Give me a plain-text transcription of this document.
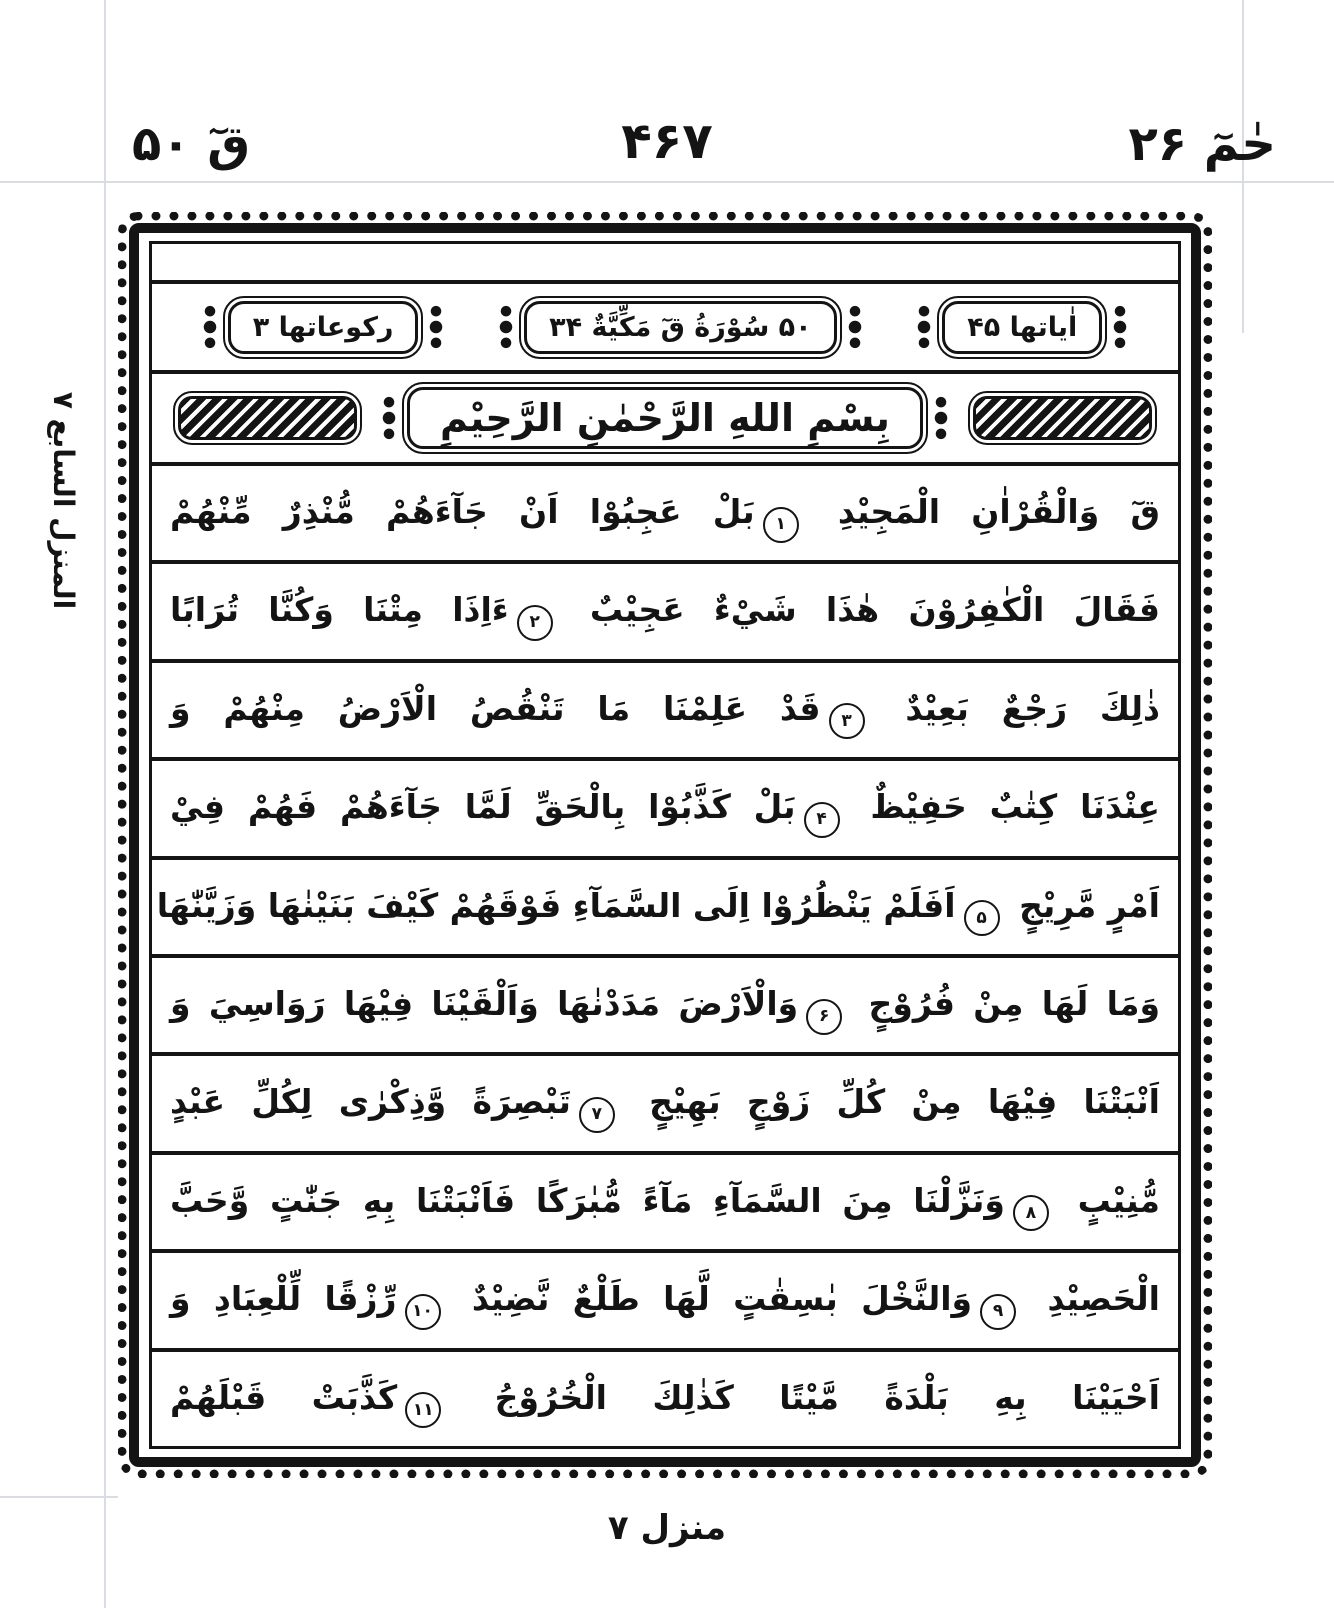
حٰمٓ ۲۶
۴۶۷
قٓ ۵۰
المنزل السابع ۷
اٰياتها ۴۵
۵۰ سُوْرَةُ قٓ مَكِّيَّةٌ ۳۴
رکوعاتها ۳
بِسْمِ اللهِ الرَّحْمٰنِ الرَّحِيْمِ
قٓ وَالْقُرْاٰنِ الْمَجِيْدِ ۱بَلْ عَجِبُوْا اَنْ جَآءَهُمْ مُّنْذِرٌ مِّنْهُمْ
فَقَالَ الْكٰفِرُوْنَ هٰذَا شَيْءٌ عَجِيْبٌ ۲ءَاِذَا مِتْنَا وَكُنَّا تُرَابًا
ذٰلِكَ رَجْعٌ بَعِيْدٌ ۳قَدْ عَلِمْنَا مَا تَنْقُصُ الْاَرْضُ مِنْهُمْ وَ
عِنْدَنَا كِتٰبٌ حَفِيْظٌ ۴بَلْ كَذَّبُوْا بِالْحَقِّ لَمَّا جَآءَهُمْ فَهُمْ فِيْ
اَمْرٍ مَّرِيْجٍ ۵اَفَلَمْ يَنْظُرُوْا اِلَى السَّمَآءِ فَوْقَهُمْ كَيْفَ بَنَيْنٰهَا وَزَيَّنّٰهَا
وَمَا لَهَا مِنْ فُرُوْجٍ ۶وَالْاَرْضَ مَدَدْنٰهَا وَاَلْقَيْنَا فِيْهَا رَوَاسِيَ وَ
اَنْبَتْنَا فِيْهَا مِنْ كُلِّ زَوْجٍ بَهِيْجٍ ۷تَبْصِرَةً وَّذِكْرٰى لِكُلِّ عَبْدٍ
مُّنِيْبٍ ۸وَنَزَّلْنَا مِنَ السَّمَآءِ مَآءً مُّبٰرَكًا فَاَنْبَتْنَا بِهِ جَنّٰتٍ وَّحَبَّ
الْحَصِيْدِ ۹وَالنَّخْلَ بٰسِقٰتٍ لَّهَا طَلْعٌ نَّضِيْدٌ ۱۰رِّزْقًا لِّلْعِبَادِ وَ
اَحْيَيْنَا بِهِ بَلْدَةً مَّيْتًا كَذٰلِكَ الْخُرُوْجُ ۱۱كَذَّبَتْ قَبْلَهُمْ
منزل ۷
